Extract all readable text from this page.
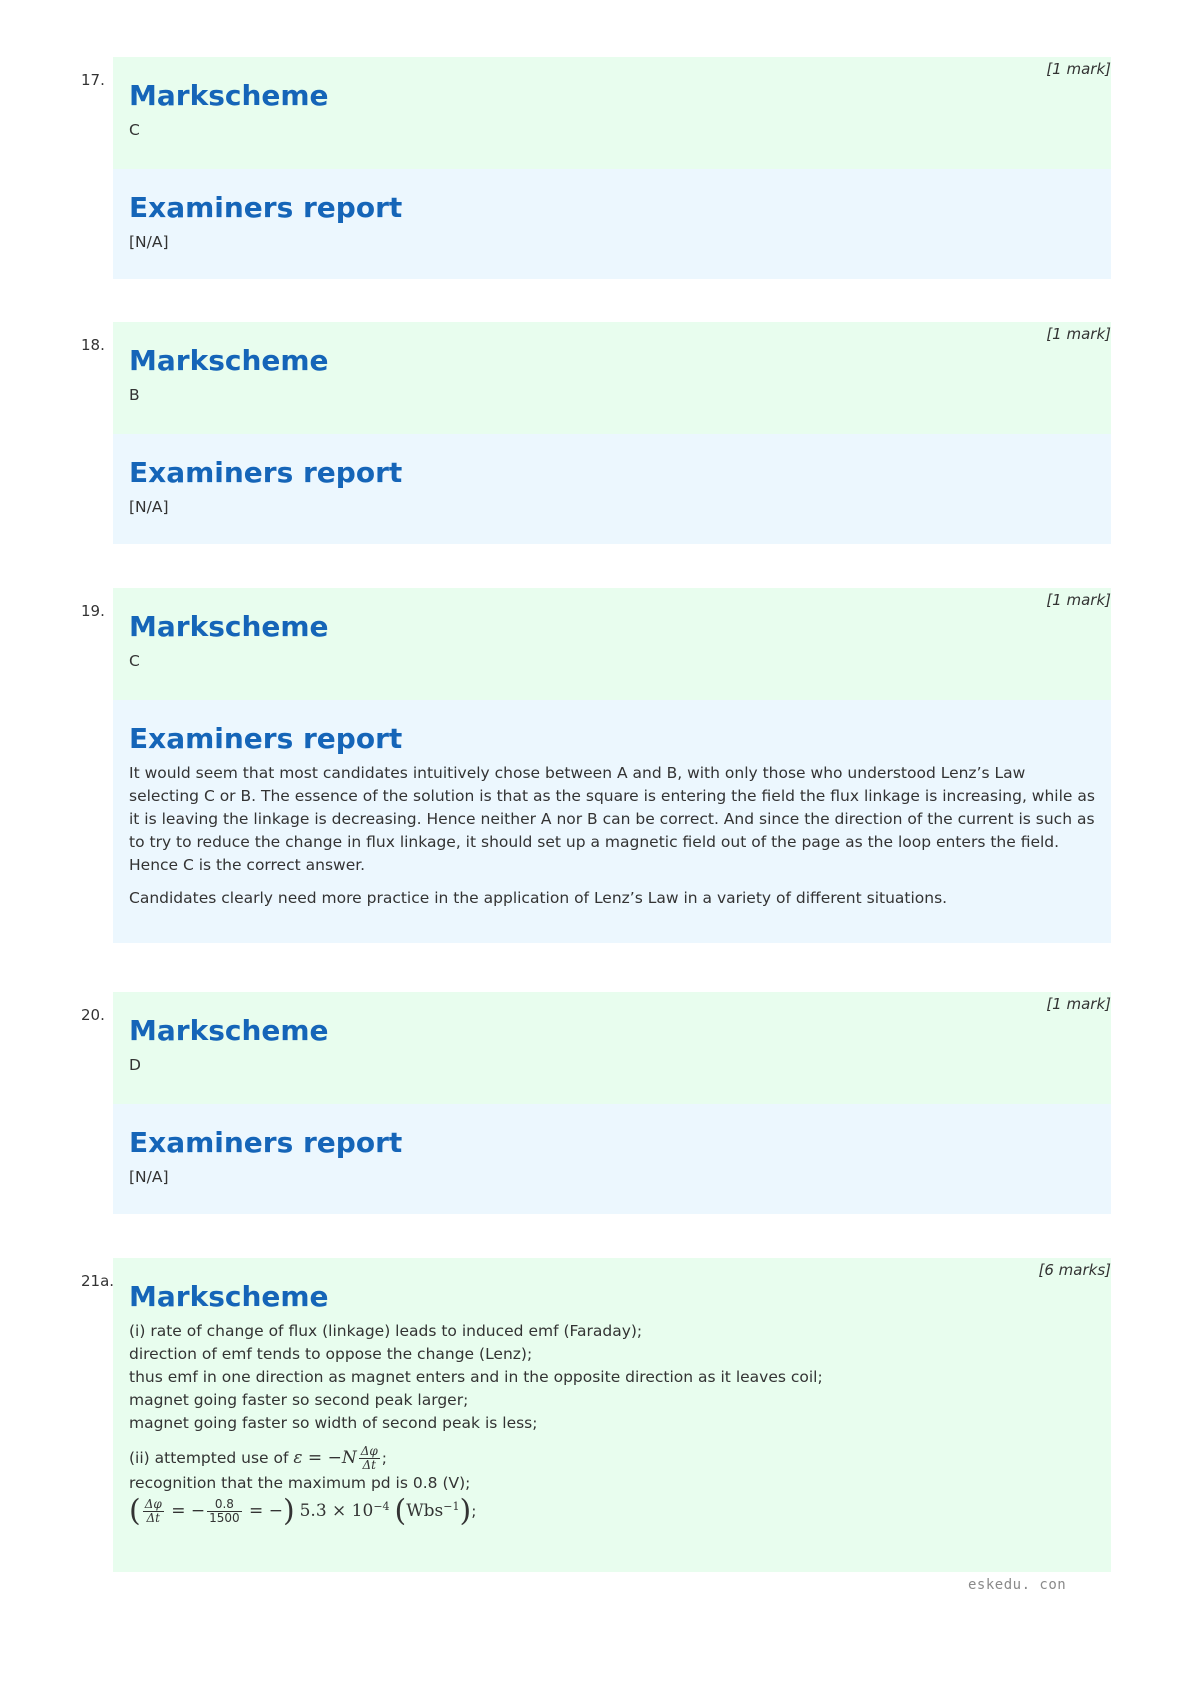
17.
[1 mark]
Markscheme

C

Examiners report

[N/A]

18.
[1 mark]
Markscheme

B

Examiners report

[N/A]

19.
[1 mark]
Markscheme

C

Examiners report

It would seem that most candidates intuitively chose between A and B, with only those who understood Lenz’s Law selecting C or B. The essence of the solution is that as the square is entering the field the flux linkage is increasing, while as it is leaving the linkage is decreasing. Hence neither A nor B can be correct. And since the direction of the current is such as to try to reduce the change in flux linkage, it should set up a magnetic field out of the page as the loop enters the field. Hence C is the correct answer.

Candidates clearly need more practice in the application of Lenz’s Law in a variety of different situations.

20.
[1 mark]
Markscheme

D

Examiners report

[N/A]

21a.
[6 marks]
Markscheme

(i) rate of change of flux (linkage) leads to induced emf (Faraday);

direction of emf tends to oppose the change (Lenz);

thus emf in one direction as magnet enters and in the opposite direction as it leaves coil;

magnet going faster so second peak larger;

magnet going faster so width of second peak is less;

(ii) attempted use of $\varepsilon = -N \frac{\Delta\varphi}{\Delta t}$ ;

recognition that the maximum pd is 0.8 (V);

( $\frac{\Delta\varphi}{\Delta t}$ = − $\frac{0.8}{1500}$ = −) $5.3 \times 10^{-4}$ (Wbs$^{-1}$);

eskedu. con
